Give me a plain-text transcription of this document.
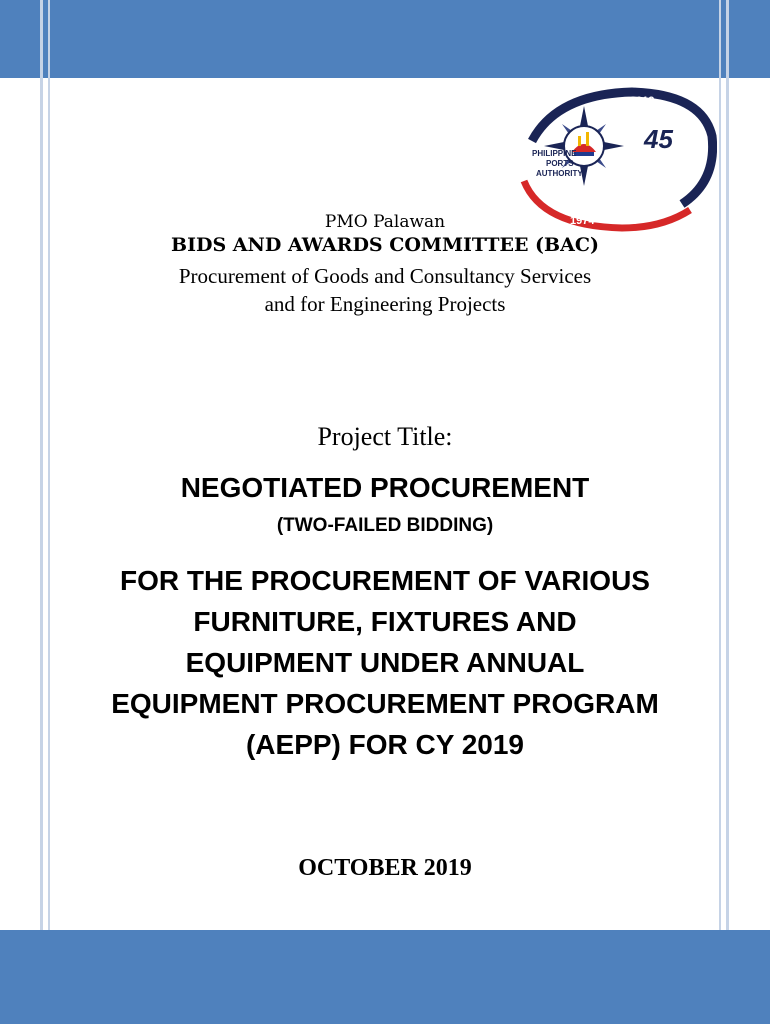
2019
45
PHILIPPINE
PORTS
AUTHORITY
1974
PMO Palawan
BIDS AND AWARDS COMMITTEE (BAC)
Procurement of Goods and Consultancy Services
and for Engineering Projects
Project Title:
NEGOTIATED PROCUREMENT
(TWO-FAILED BIDDING)
FOR THE PROCUREMENT OF VARIOUS
FURNITURE, FIXTURES AND
EQUIPMENT UNDER ANNUAL
EQUIPMENT PROCUREMENT PROGRAM
(AEPP) FOR CY 2019
OCTOBER 2019
